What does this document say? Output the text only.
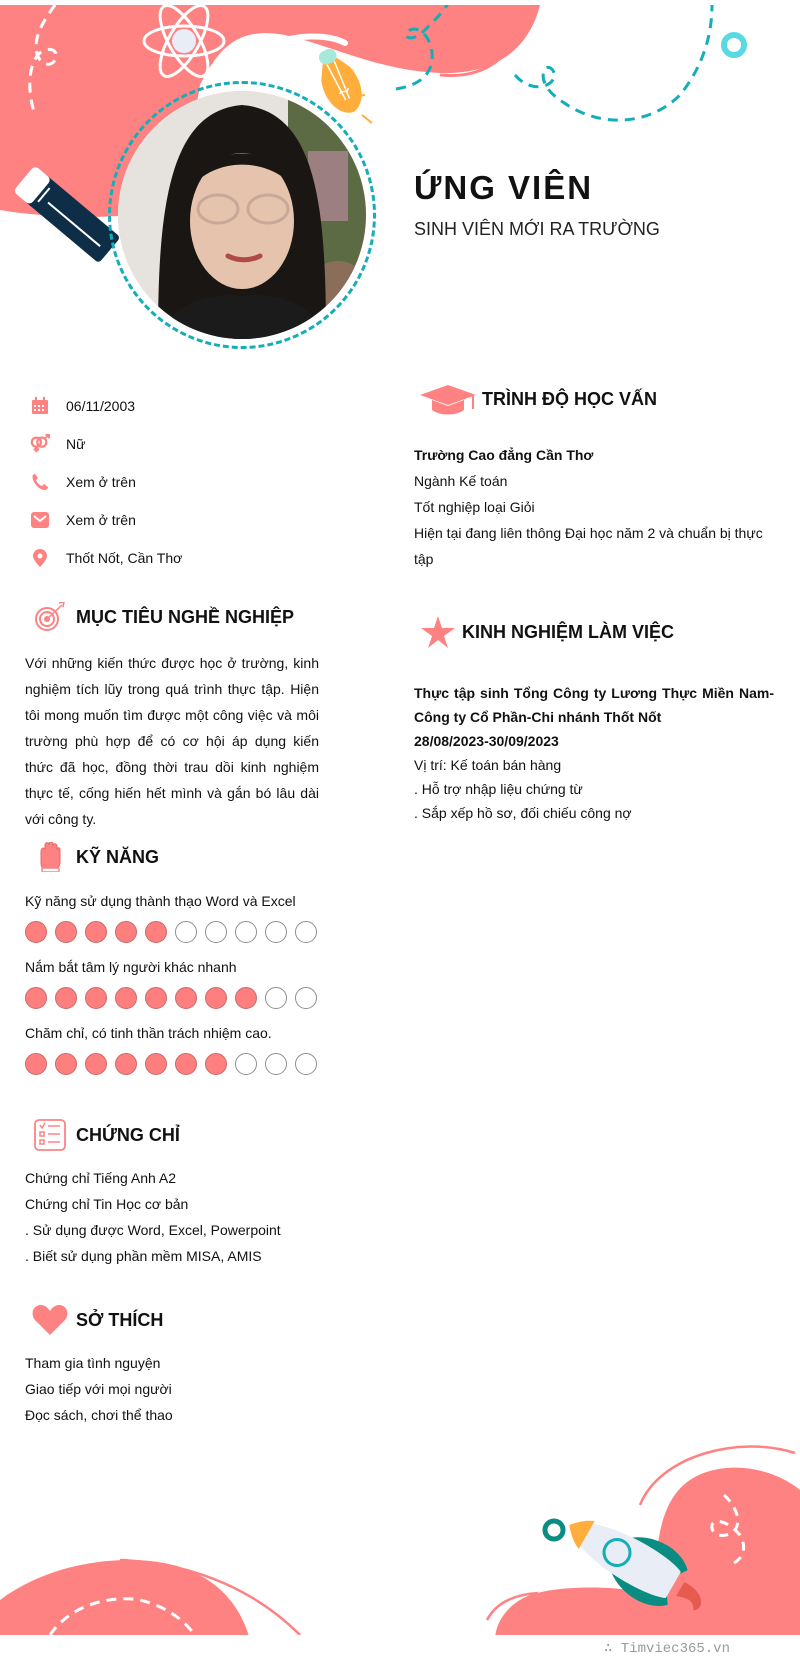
ỨNG VIÊN
SINH VIÊN MỚI RA TRƯỜNG
06/11/2003
Nữ
Xem ở trên
Xem ở trên
Thốt Nốt, Cần Thơ
MỤC TIÊU NGHỀ NGHIỆP
Với những kiến thức được học ở trường, kinh nghiệm tích lũy trong quá trình thực tập. Hiện tôi mong muốn tìm được một công việc và môi trường phù hợp để có cơ hội áp dụng kiến thức đã học, đồng thời trau dồi kinh nghiệm thực tế, cống hiến hết mình và gắn bó lâu dài với công ty.
KỸ NĂNG
Kỹ năng sử dụng thành thạo Word và Excel
Nắm bắt tâm lý người khác nhanh
Chăm chỉ, có tinh thần trách nhiệm cao.
CHỨNG CHỈ
Chứng chỉ Tiếng Anh A2
Chứng chỉ Tin Học cơ bản
. Sử dụng được Word, Excel, Powerpoint
. Biết sử dụng phần mềm MISA, AMIS
SỞ THÍCH
Tham gia tình nguyện
Giao tiếp với mọi người
Đọc sách, chơi thể thao
TRÌNH ĐỘ HỌC VẤN
Trường Cao đẳng Cần Thơ
Ngành Kế toán
Tốt nghiệp loại Giỏi
Hiện tại đang liên thông Đại học năm 2 và chuẩn bị thực tập
KINH NGHIỆM LÀM VIỆC
Thực tập sinh Tổng Công ty Lương Thực Miền Nam-Công ty Cổ Phần-Chi nhánh Thốt Nốt
28/08/2023-30/09/2023
Vị trí: Kế toán bán hàng
. Hỗ trợ nhập liệu chứng từ
. Sắp xếp hồ sơ, đối chiếu công nợ
∴ Timviec365.vn
